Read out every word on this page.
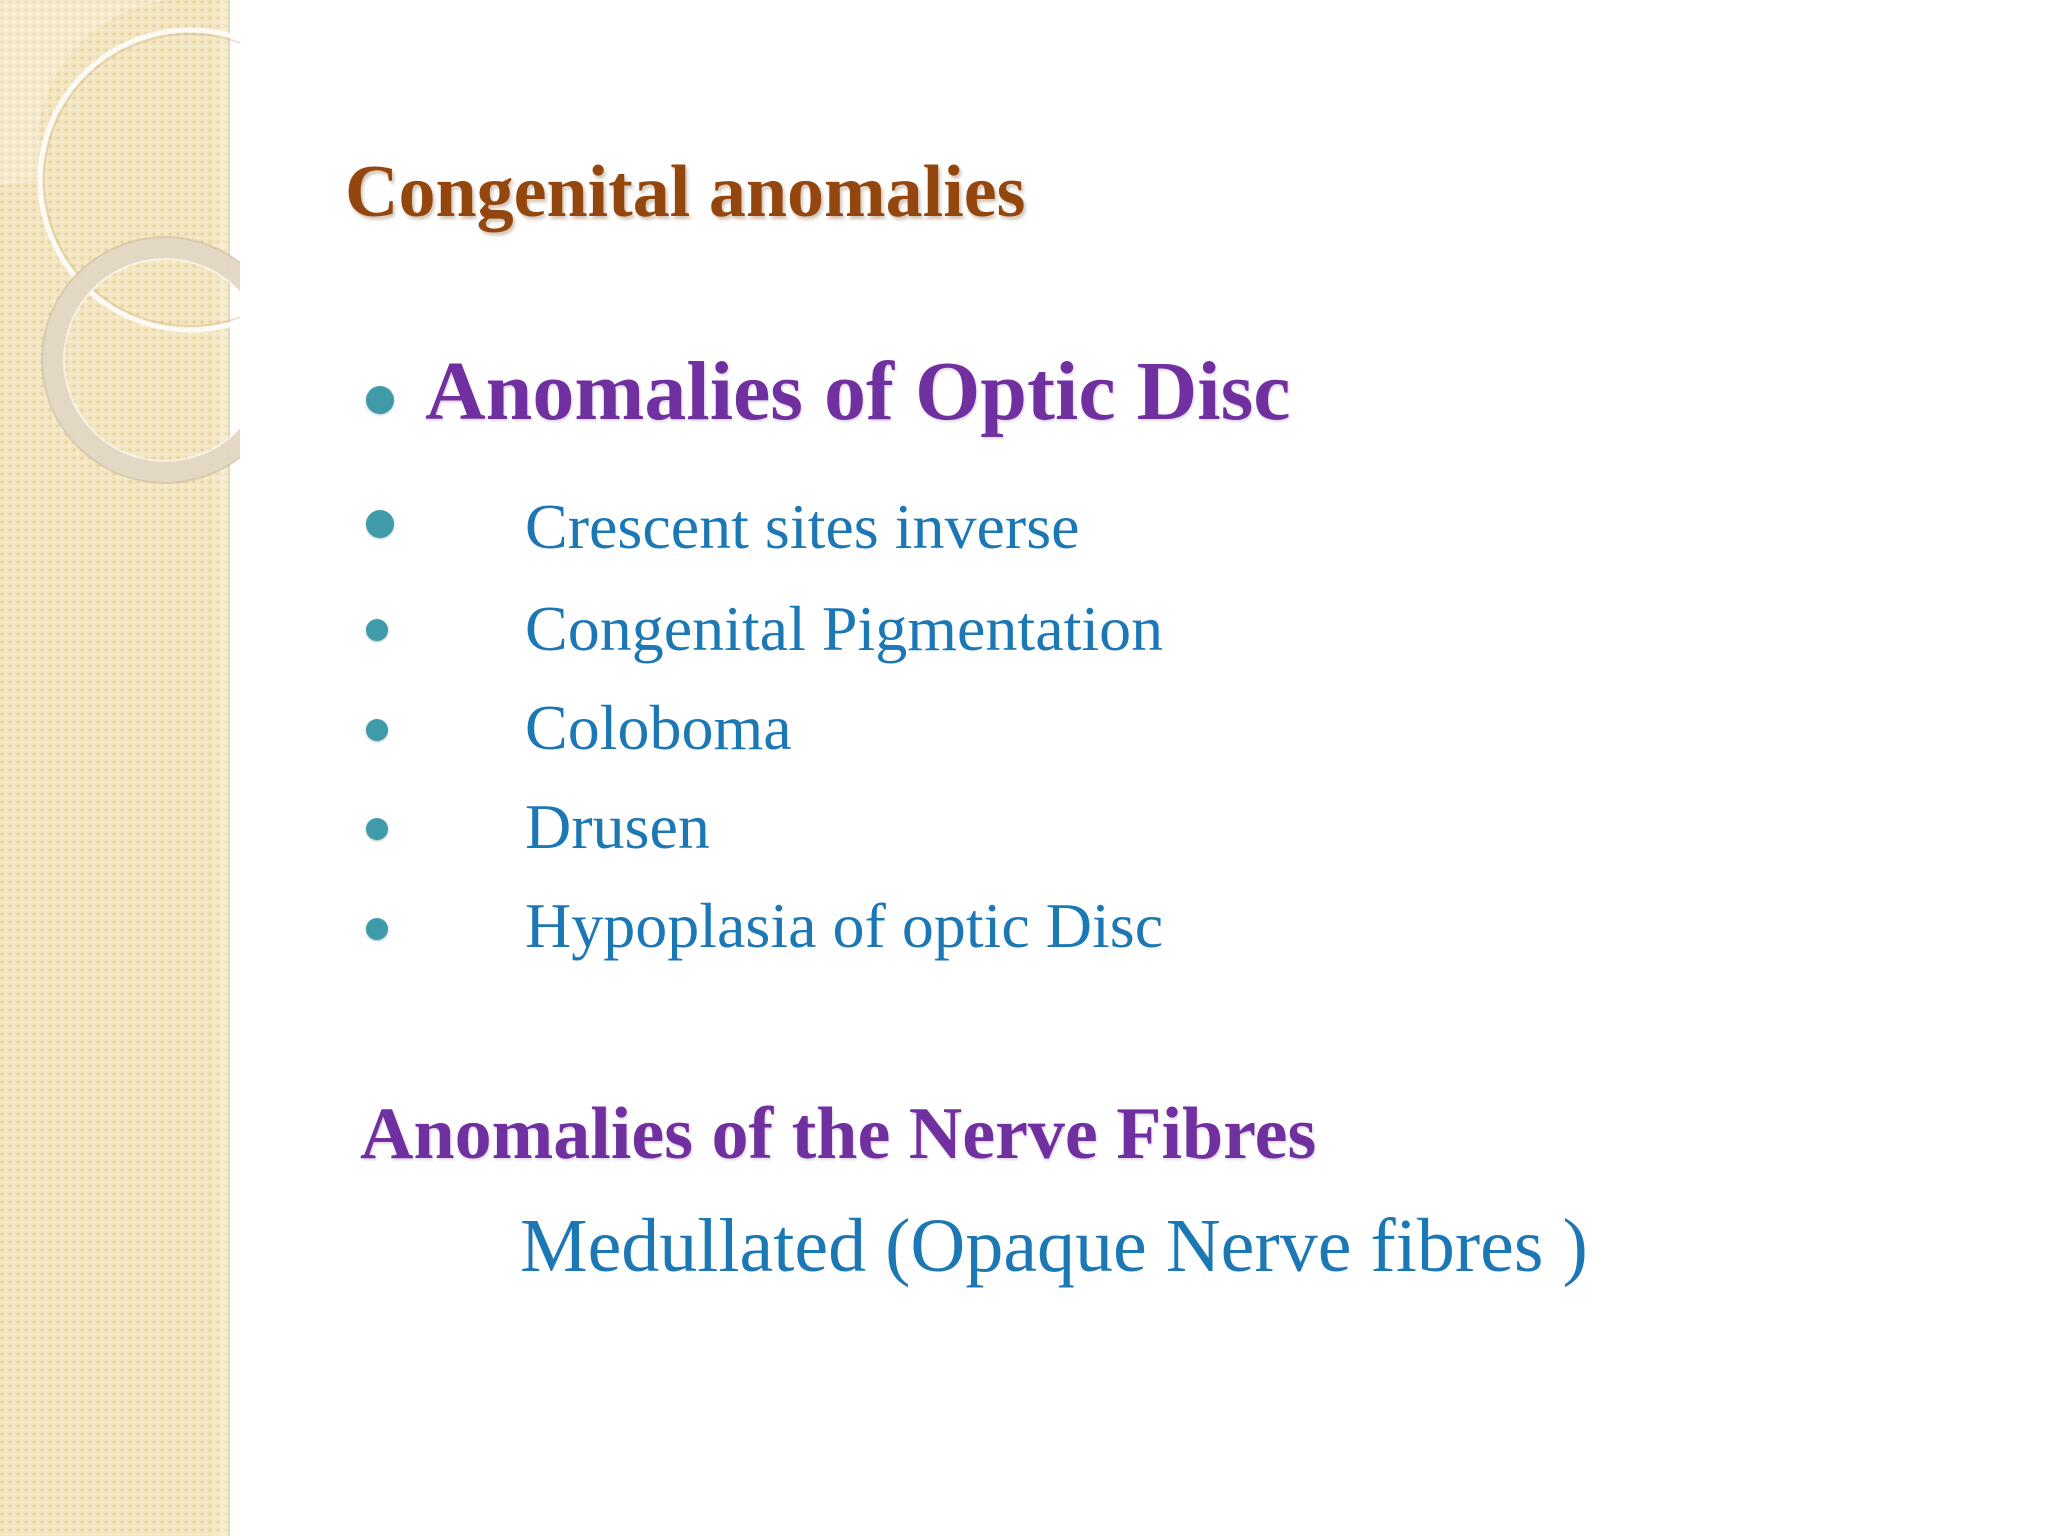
Congenital anomalies

Anomalies of Optic Disc

Crescent sites inverse

Congenital Pigmentation

Coloboma

Drusen

Hypoplasia of optic Disc

Anomalies of the Nerve Fibres

Medullated (Opaque Nerve fibres )
